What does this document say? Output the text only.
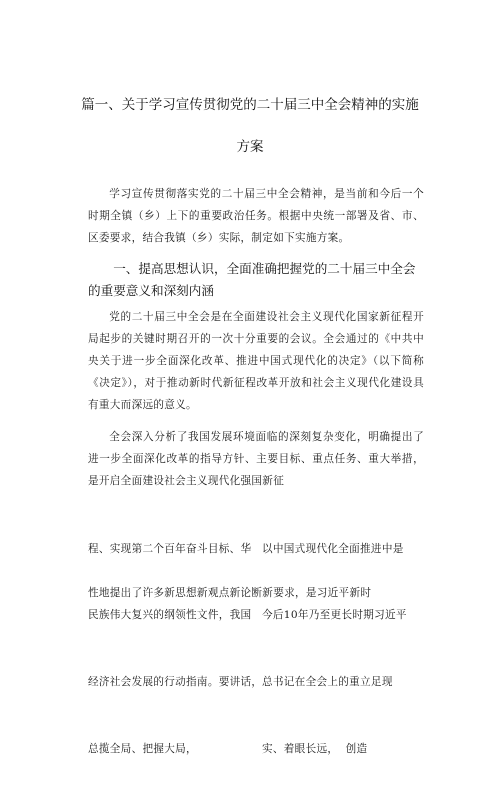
篇一、关于学习宣传贯彻党的二十届三中全会精神的实施
方案

学习宣传贯彻落实党的二十届三中全会精神，是当前和今后一个时期全镇（乡）上下的重要政治任务。根据中央统一部署及省、市、区委要求，结合我镇（乡）实际，制定如下实施方案。

一、提高思想认识，全面准确把握党的二十届三中全会的重要意义和深刻内涵

党的二十届三中全会是在全面建设社会主义现代化国家新征程开局起步的关键时期召开的一次十分重要的会议。全会通过的《中共中央关于进一步全面深化改革、推进中国式现代化的决定》（以下简称《决定》），对于推动新时代新征程改革开放和社会主义现代化建设具有重大而深远的意义。

全会深入分析了我国发展环境面临的深刻复杂变化，明确提出了进一步全面深化改革的指导方针、主要目标、重点任务、重大举措，是开启全面建设社会主义现代化强国新征

程、实现第二个百年奋斗目标、华

民族伟大复兴的纲领性文件，我国

经济社会发展的行动指南。要讲话，

总揽全局、把握大局，

以中国式现代化全面推进中是

今后10年乃至更长时期习近平

总书记在全会上的重立足现

实、着眼长远，  创造

性地提出了许多新思想新观点新论断新要求，是习近平新时
